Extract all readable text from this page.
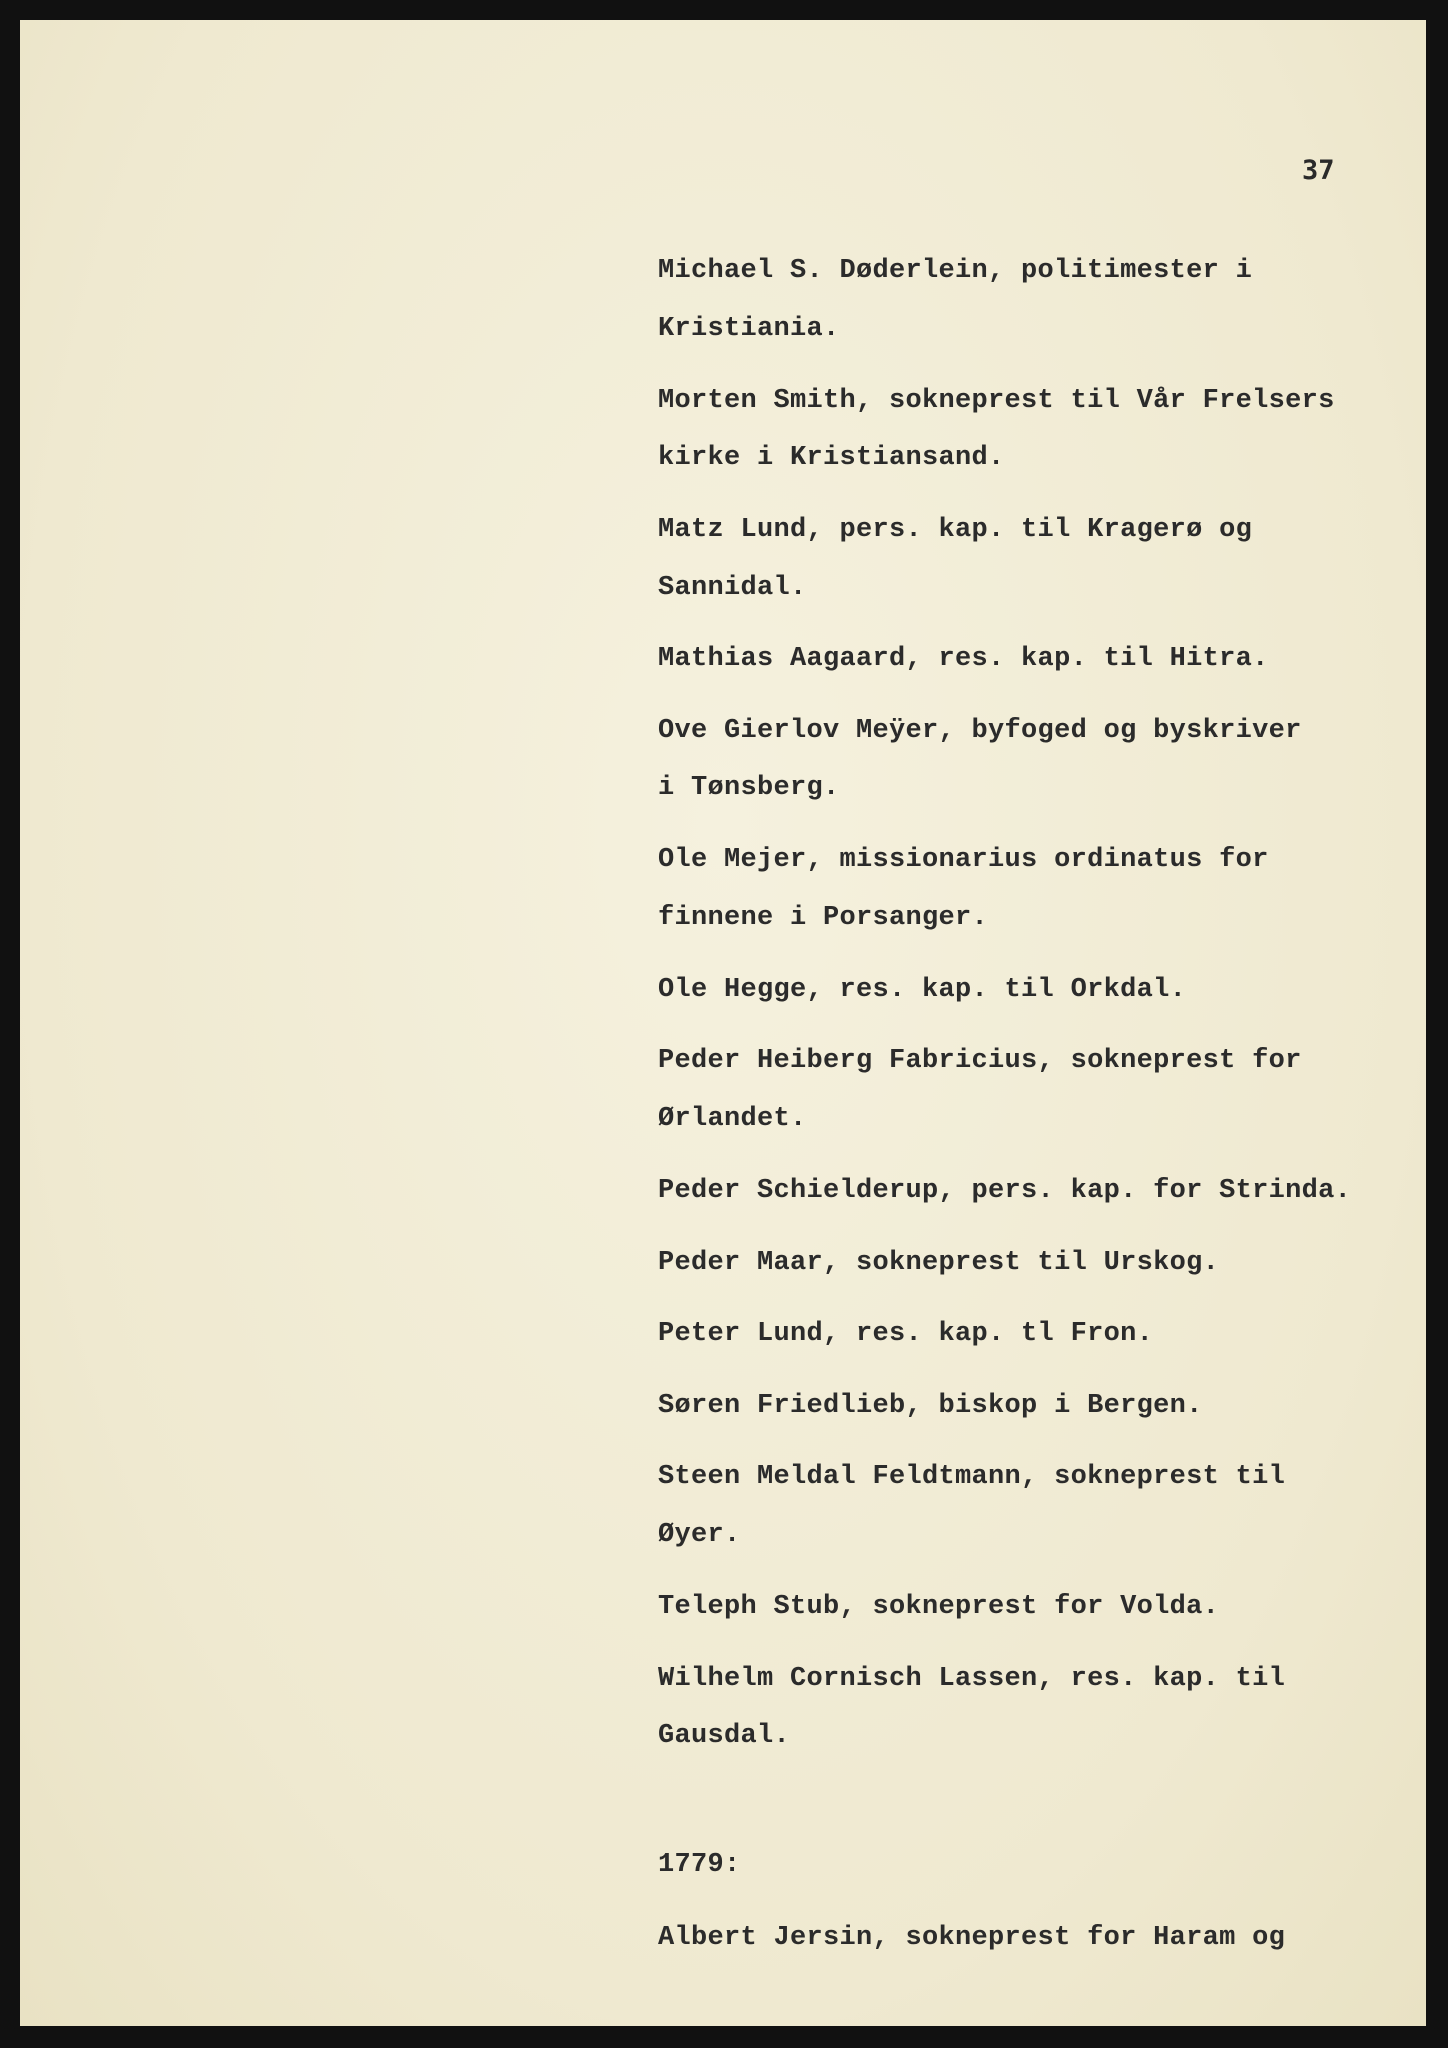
37
Michael S. Døderlein, politimester i
Kristiania.
Morten Smith, sokneprest til Vår Frelsers
kirke i Kristiansand.
Matz Lund, pers. kap. til Kragerø og
Sannidal.
Mathias Aagaard, res. kap. til Hitra.
Ove Gierlov Meÿer, byfoged og byskriver
i Tønsberg.
Ole Mejer, missionarius ordinatus for
finnene i Porsanger.
Ole Hegge, res. kap. til Orkdal.
Peder Heiberg Fabricius, sokneprest for
Ørlandet.
Peder Schielderup, pers. kap. for Strinda.
Peder Maar, sokneprest til Urskog.
Peter Lund, res. kap. tl Fron.
Søren Friedlieb, biskop i Bergen.
Steen Meldal Feldtmann, sokneprest til
Øyer.
Teleph Stub, sokneprest for Volda.
Wilhelm Cornisch Lassen, res. kap. til
Gausdal.
1779:
Albert Jersin, sokneprest for Haram og
